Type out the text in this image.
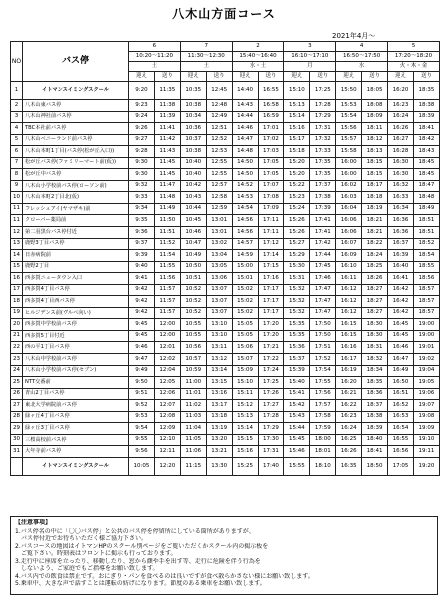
八木山方面コース
2021年4月～
NO	バス停	6		7		2		3		4		5	
		10:20～11:20		11:30～12:30		15:40～16:40		16:10～17:10		16:50～17:50		17:20～18:20	
		土		土		水・土		月		水		火・木・金	
		迎え	送り	迎え	送り	迎え	送り	迎え	送り	迎え	送り	迎え	送り
1	イトマンスイミングスクール	9:20	11:35	10:35	12:45	14:40	16:55	15:10	17:25	15:50	18:05	16:20	18:35
2	八木山東バス停	9:23	11:38	10:38	12:48	14:43	16:58	15:13	17:28	15:53	18:08	16:23	18:38
3	八木山神社前バス停	9:24	11:39	10:34	12:49	14:44	16:59	15:14	17:29	15:54	18:09	16:24	18:39
4	TBC本社前バス停	9:26	11:41	10:36	12:51	14:46	17:01	15:16	17:31	15:56	18:11	16:26	18:41
5	八木山ベニーランド前バス停	9:27	11:42	10:37	12:52	14:47	17:02	15:17	17:32	15:57	18:12	16:27	18:42
6	八木山本町1丁目(バス停(松が丘入口))	9:28	11:43	10:38	12:53	14:48	17:03	15:18	17:33	15:58	18:13	16:28	18:43
7	松が丘バス停(ファミリーマート前(仮))	9:30	11:45	10:40	12:55	14:50	17:05	15:20	17:35	16:00	18:15	16:30	18:45
8	松が丘中バス停	9:30	11:45	10:40	12:55	14:50	17:05	15:20	17:35	16:00	18:15	16:30	18:45
9	八木山小学校前バス停(ローソン前)	9:32	11:47	10:42	12:57	14:52	17:07	15:22	17:37	16:02	18:17	16:32	18:47
10	八木山本町2丁目北(仮)	9:33	11:48	10:43	12:58	14:53	17:08	15:23	17:38	16:03	18:18	16:33	18:48
11	フレッシュアイ(ヤマザキ)前	9:34	11:49	10:44	12:59	14:54	17:09	15:24	17:39	16:04	18:19	16:34	18:49
11	クローバー薬局前	9:35	11:50	10:45	13:01	14:56	17:11	15:26	17:41	16:06	18:21	16:36	18:51
12	第二羽黒台バス停付近	9:36	11:51	10:46	13:01	14:56	17:11	15:26	17:41	16:06	18:21	16:36	18:51
13	鹿野3丁目バス停	9:37	11:52	10:47	13:02	14:57	17:12	15:27	17:42	16:07	18:22	16:37	18:52
14	日赤病院前	9:39	11:54	10:49	13:04	14:59	17:14	15:29	17:44	16:09	18:24	16:39	18:54
15	鹿野2丁目	9:40	11:55	10:50	13:05	15:00	17:15	15:30	17:45	16:10	18:25	16:40	18:55
16	西多賀ニュータウン入口	9:41	11:56	10:51	13:06	15:01	17:16	15:31	17:46	16:11	18:26	16:41	18:56
17	西多賀4丁目バス停	9:42	11:57	10:52	13:07	15:02	17:17	15:32	17:47	16:12	18:27	16:42	18:57
18	西多賀4丁目西バス停	9:42	11:57	10:52	13:07	15:02	17:17	15:32	17:47	16:12	18:27	16:42	18:57
19	ヒルジデンス前(ヴルペ向い)	9:42	11:57	10:52	13:07	15:02	17:17	15:32	17:47	16:12	18:27	16:42	18:57
20	西多賀中学校前バス停	9:45	12:00	10:55	13:10	15:05	17:20	15:35	17:50	16:15	18:30	16:45	19:00
21	西多賀5丁目付近	9:45	12:00	10:55	13:10	15:05	17:20	15:35	17:50	16:15	18:30	16:45	19:00
22	西の平1丁目バス停	9:46	12:01	10:56	13:11	15:06	17:21	15:36	17:51	16:16	18:31	16:46	19:01
23	八木山中学校前バス停	9:47	12:02	10:57	13:12	15:07	17:22	15:37	17:52	16:17	18:32	16:47	19:02
24	八木山小学校前バス停(セブン)	9:49	12:04	10:59	13:14	15:09	17:24	15:39	17:54	16:19	18:34	16:49	19:04
25	NTT交番前	9:50	12:05	11:00	13:15	15:10	17:25	15:40	17:55	16:20	18:35	16:50	19:05
26	青山2丁目バス停	9:51	12:06	11:01	13:16	15:11	17:26	15:41	17:56	16:21	18:36	16:51	19:06
27	東北大学病院前バス停	9:52	12:07	11:02	13:17	15:12	17:27	15:42	17:57	16:22	18:37	16:52	19:07
28	緑ヶ丘4丁目バス停	9:53	12:08	11:03	13:18	15:13	17:28	15:43	17:58	16:23	18:38	16:53	19:08
29	緑ヶ丘3丁目バス停	9:54	12:09	11:04	13:19	15:14	17:29	15:44	17:59	16:24	18:39	16:54	19:09
30	三桜高校前バス停	9:55	12:10	11:05	13:20	15:15	17:30	15:45	18:00	16:25	18:40	16:55	19:10
31	大年寺前バス停	9:56	12:11	11:06	13:21	15:16	17:31	15:46	18:01	16:26	18:41	16:56	19:11
	イトマンスイミングスクール	10:05	12:20	11:15	13:30	15:25	17:40	15:55	18:10	16:35	18:50	17:05	19:20
【注意事項】
1.バス停名の中に「〇〇バス停」と公共のバス停を停留所にしている箇所がありますが、
　バス停付近でお待ちいただく様ご協力下さい。
2.バスコースの地図はイトマンHPのスクール別ページをご覧いただくかスクール内の掲示板を
　ご覧下さい。時刻表はフロントに掲示も行っております。
3.走行中に座席を立ったり、移動したり、窓から顔や手を出す等、走行に危険を伴う行為を
　しないよう、ご家庭でもご指導をお願い致します。
4.バス内での飲食は禁止です。おにぎり・パンを食べるのは良いですが食べ散らかさない様にお願い致します。
5.乗車中、大きな声で話すことは運転の妨げになります。節度のある乗車をお願い致します。
